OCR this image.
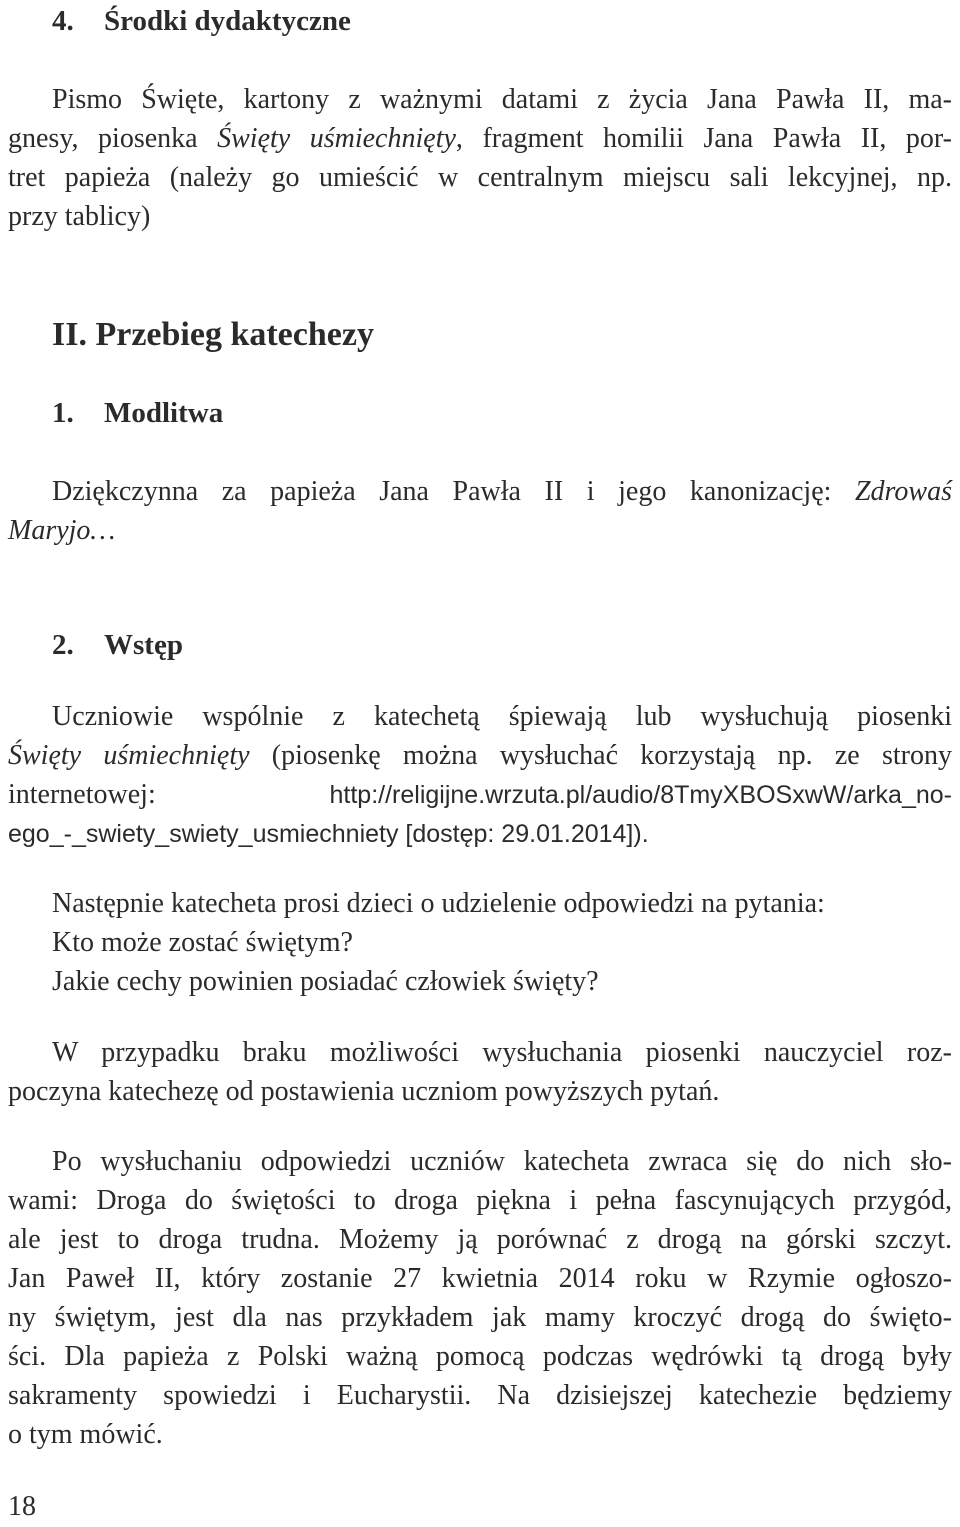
4. Środki dydaktyczne
Pismo Święte, kartony z ważnymi datami z życia Jana Pawła II, ma-
gnesy, piosenka Święty uśmiechnięty, fragment homilii Jana Pawła II, por-
tret papieża (należy go umieścić w centralnym miejscu sali lekcyjnej, np.
przy tablicy)
II. Przebieg katechezy
1. Modlitwa
Dziękczynna za papieża Jana Pawła II i jego kanonizację: Zdrowaś
Maryjo…
2. Wstęp
Uczniowie wspólnie z katechetą śpiewają lub wysłuchują piosenki
Święty uśmiechnięty (piosenkę można wysłuchać korzystają np. ze strony
internetowej: http://religijne.wrzuta.pl/audio/8TmyXBOSxwW/arka_no-
ego_-_swiety_swiety_usmiechniety [dostęp: 29.01.2014]).
Następnie katecheta prosi dzieci o udzielenie odpowiedzi na pytania:
Kto może zostać świętym?
Jakie cechy powinien posiadać człowiek święty?
W przypadku braku możliwości wysłuchania piosenki nauczyciel roz-
poczyna katechezę od postawienia uczniom powyższych pytań.
Po wysłuchaniu odpowiedzi uczniów katecheta zwraca się do nich sło-
wami: Droga do świętości to droga piękna i pełna fascynujących przygód,
ale jest to droga trudna. Możemy ją porównać z drogą na górski szczyt.
Jan Paweł II, który zostanie 27 kwietnia 2014 roku w Rzymie ogłoszo-
ny świętym, jest dla nas przykładem jak mamy kroczyć drogą do święto-
ści. Dla papieża z Polski ważną pomocą podczas wędrówki tą drogą były
sakramenty spowiedzi i Eucharystii. Na dzisiejszej katechezie będziemy
o tym mówić.
18
